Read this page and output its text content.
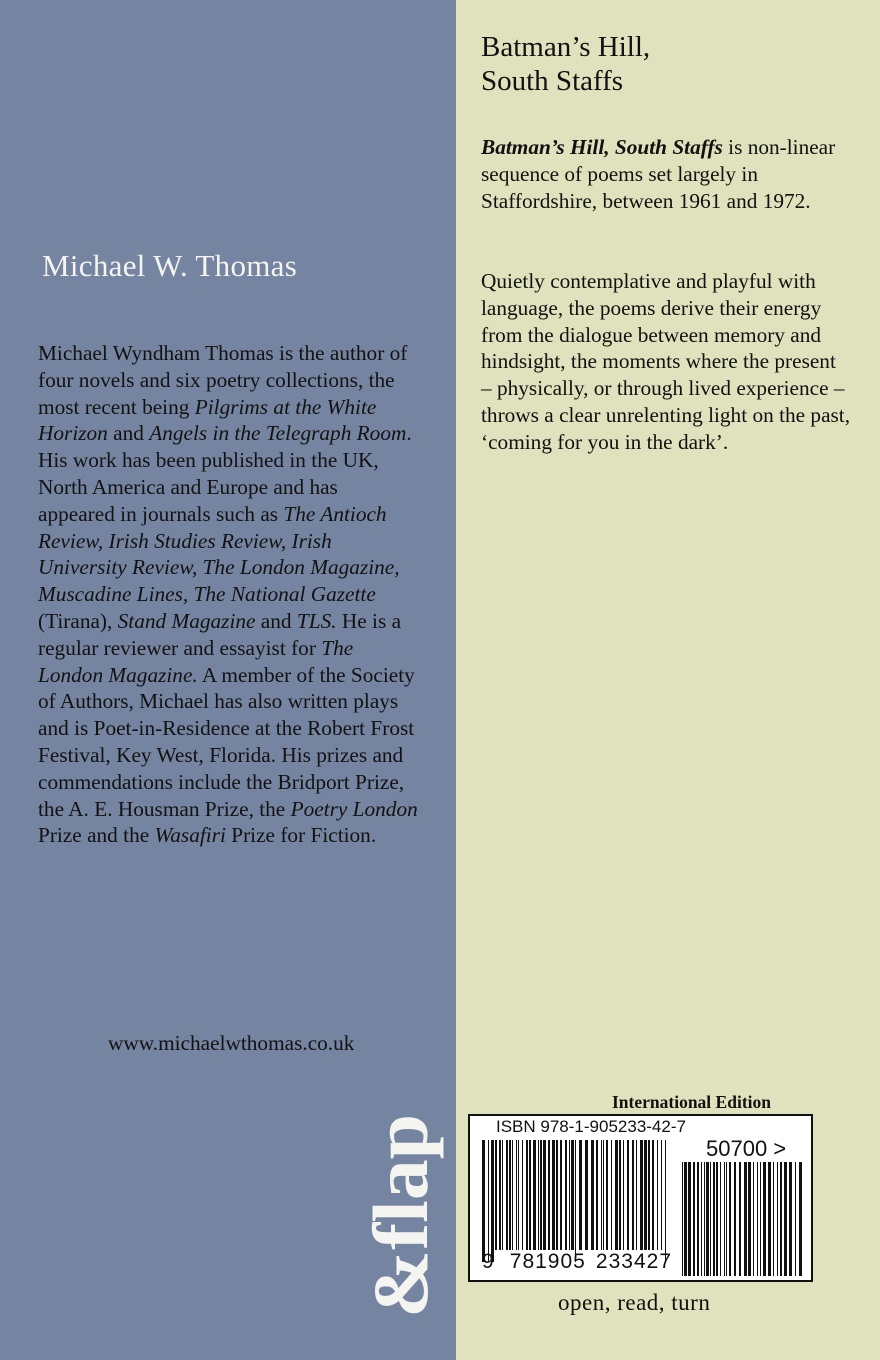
Michael W. Thomas
Michael Wyndham Thomas is the author of four novels and six poetry collections, the most recent being Pilgrims at the White Horizon and Angels in the Telegraph Room. His work has been published in the UK, North America and Europe and has appeared in journals such as The Antioch Review, Irish Studies Review, Irish University Review, The London Magazine, Muscadine Lines, The National Gazette (Tirana), Stand Magazine and TLS. He is a regular reviewer and essayist for The London Magazine. A member of the Society of Authors, Michael has also written plays and is Poet-in-Residence at the Robert Frost Festival, Key West, Florida. His prizes and commendations include the Bridport Prize, the A. E. Housman Prize, the Poetry London Prize and the Wasafiri Prize for Fiction.
www.michaelwthomas.co.uk
&flap
Batman’s Hill,
South Staffs
Batman’s Hill, South Staffs is non-linear sequence of poems set largely in Staffordshire, between 1961 and 1972.
Quietly contemplative and playful with language, the poems derive their energy from the dialogue between memory and hindsight, the moments where the present – physically, or through lived experience – throws a clear unrelenting light on the past, ‘coming for you in the dark’.
International Edition
ISBN 978-1-905233-42-7
50700 >
9 781905 233427
open, read, turn
